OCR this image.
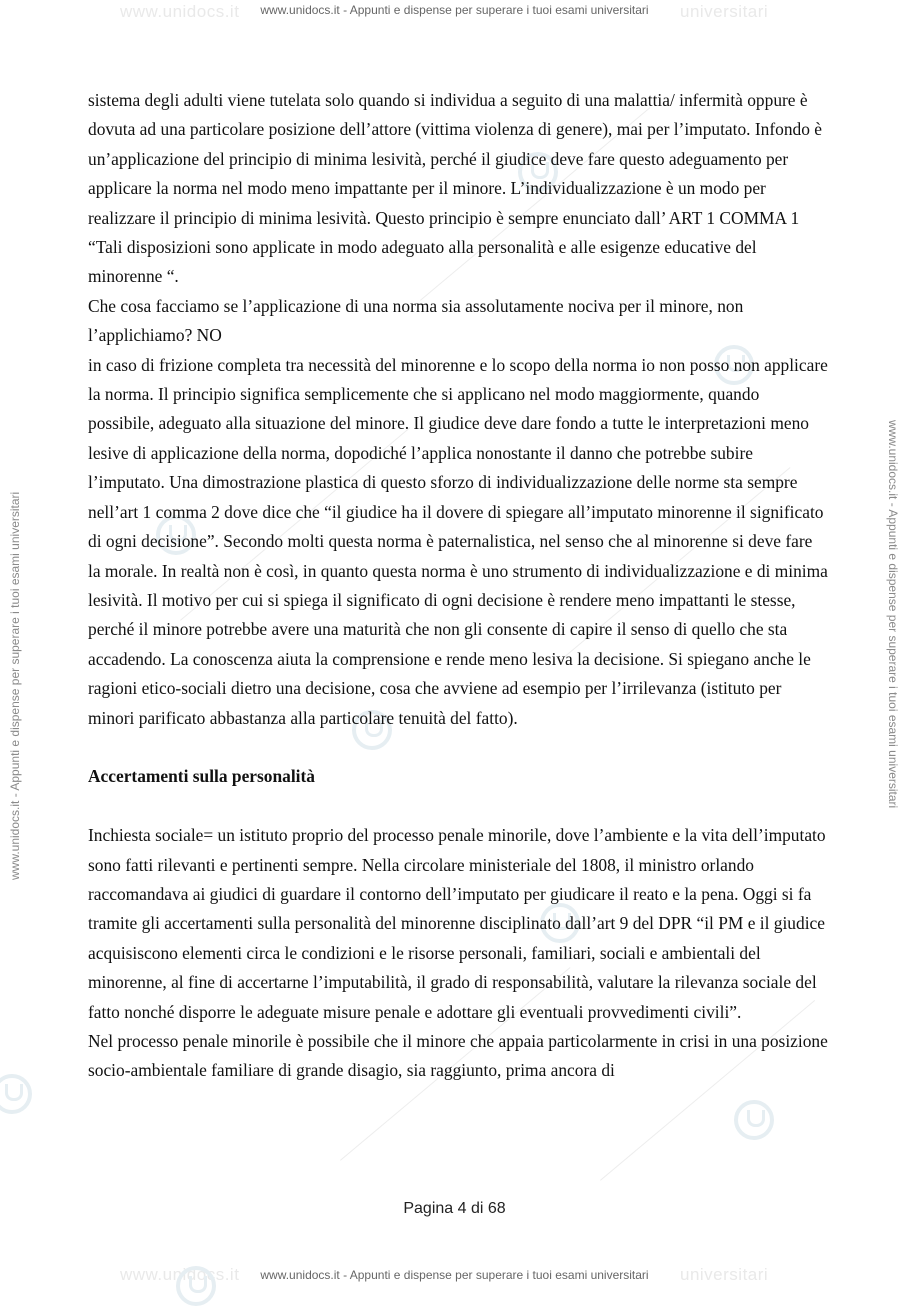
www.unidocs.it	universitari
www.unidocs.it	universitari
www.unidocs.it - Appunti e dispense per superare i tuoi esami universitari
www.unidocs.it - Appunti e dispense per superare i tuoi esami universitari
www.unidocs.it - Appunti e dispense per superare i tuoi esami universitari	www.unidocs.it - Appunti e dispense per superare i tuoi esami universitari

sistema degli adulti viene tutelata solo quando si individua a seguito di una malattia/ infermità oppure è dovuta ad una particolare posizione dell’attore (vittima violenza di genere), mai per l’imputato. Infondo è un’applicazione del principio di minima lesività, perché il giudice deve fare questo adeguamento per applicare la norma nel modo meno impattante per il minore. L’individualizzazione è un modo per realizzare il principio di minima lesività. Questo principio è sempre enunciato dall’ ART 1 COMMA 1 “Tali disposizioni sono applicate in modo adeguato alla personalità e alle esigenze educative del minorenne “.

Che cosa facciamo se l’applicazione di una norma sia assolutamente nociva per il minore, non l’applichiamo? NO

in caso di frizione completa tra necessità del minorenne e lo scopo della norma io non posso non applicare la norma. Il principio significa semplicemente che si applicano nel modo maggiormente, quando possibile, adeguato alla situazione del minore. Il giudice deve dare fondo a tutte le interpretazioni meno lesive di applicazione della norma, dopodiché l’applica nonostante il danno che potrebbe subire l’imputato. Una dimostrazione plastica di questo sforzo di individualizzazione delle norme sta sempre nell’art 1 comma 2 dove dice che “il giudice ha il dovere di spiegare all’imputato minorenne il significato di ogni decisione”. Secondo molti questa norma è paternalistica, nel senso che al minorenne si deve fare la morale. In realtà non è così, in quanto questa norma è uno strumento di individualizzazione e di minima lesività. Il motivo per cui si spiega il significato di ogni decisione è rendere meno impattanti le stesse, perché il minore potrebbe avere una maturità che non gli consente di capire il senso di quello che sta accadendo. La conoscenza aiuta la comprensione e rende meno lesiva la decisione. Si spiegano anche le ragioni etico-sociali dietro una decisione, cosa che avviene ad esempio per l’irrilevanza (istituto per minori parificato abbastanza alla particolare tenuità del fatto).

Accertamenti sulla personalità

Inchiesta sociale= un istituto proprio del processo penale minorile, dove l’ambiente e la vita dell’imputato sono fatti rilevanti e pertinenti sempre. Nella circolare ministeriale del 1808, il ministro orlando raccomandava ai giudici di guardare il contorno dell’imputato per giudicare il reato e la pena. Oggi si fa tramite gli accertamenti sulla personalità del minorenne disciplinato dall’art 9 del DPR “il PM e il giudice acquisiscono elementi circa le condizioni e le risorse personali, familiari, sociali e ambientali del minorenne, al fine di accertarne l’imputabilità, il grado di responsabilità, valutare la rilevanza sociale del fatto nonché disporre le adeguate misure penale e adottare gli eventuali provvedimenti civili”.

Nel processo penale minorile è possibile che il minore che appaia particolarmente in crisi in una posizione socio-ambientale familiare di grande disagio, sia raggiunto, prima ancora di

Pagina 4 di 68
